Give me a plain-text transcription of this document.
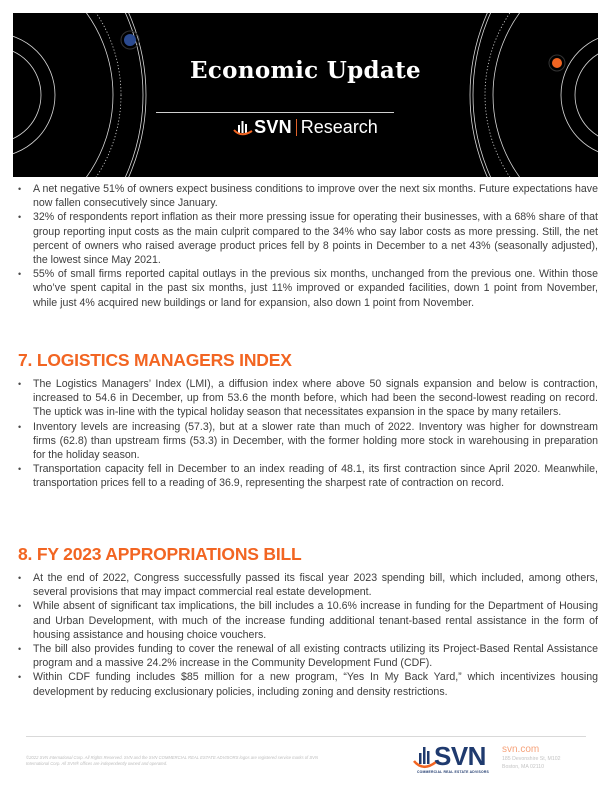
Economic Update
SVN Research
• A net negative 51% of owners expect business conditions to improve over the next six months. Future expectations have now fallen consecutively since January.
• 32% of respondents report inflation as their more pressing issue for operating their businesses, with a 68% share of that group reporting input costs as the main culprit compared to the 34% who say labor costs as more pressing. Still, the net percent of owners who raised average product prices fell by 8 points in December to a net 43% (seasonally adjusted), the lowest since May 2021.
• 55% of small firms reported capital outlays in the previous six months, unchanged from the previous one. Within those who’ve spent capital in the past six months, just 11% improved or expanded facilities, down 1 point from November, while just 4% acquired new buildings or land for expansion, also down 1 point from November.
7. LOGISTICS MANAGERS INDEX
• The Logistics Managers’ Index (LMI), a diffusion index where above 50 signals expansion and below is contraction, increased to 54.6 in December, up from 53.6 the month before, which had been the second-lowest reading on record. The uptick was in-line with the typical holiday season that necessitates expansion in the space by many retailers.
• Inventory levels are increasing (57.3), but at a slower rate than much of 2022. Inventory was higher for downstream firms (62.8) than upstream firms (53.3) in December, with the former holding more stock in warehousing in preparation for the holiday season.
• Transportation capacity fell in December to an index reading of 48.1, its first contraction since April 2020. Meanwhile, transportation prices fell to a reading of 36.9, representing the sharpest rate of contraction on record.
8. FY 2023 APPROPRIATIONS BILL
• At the end of 2022, Congress successfully passed its fiscal year 2023 spending bill, which included, among others, several provisions that may impact commercial real estate development.
• While absent of significant tax implications, the bill includes a 10.6% increase in funding for the Department of Housing and Urban Development, with much of the increase funding additional tenant-based rental assistance in the form of housing assistance and housing choice vouchers.
• The bill also provides funding to cover the renewal of all existing contracts utilizing its Project-Based Rental Assistance program and a massive 24.2% increase in the Community Development Fund (CDF).
• Within CDF funding includes $85 million for a new program, “Yes In My Back Yard,” which incentivizes housing development by reducing exclusionary policies, including zoning and density restrictions.
©2022 SVN International Corp. All Rights Reserved. SVN and the SVN COMMERCIAL REAL ESTATE ADVISORS logos are registered service marks of SVN International Corp. All SVN® offices are independently owned and operated.	SVN
COMMERCIAL REAL ESTATE ADVISORS
svn.com
185 Devonshire St, M102
Boston, MA 02110
